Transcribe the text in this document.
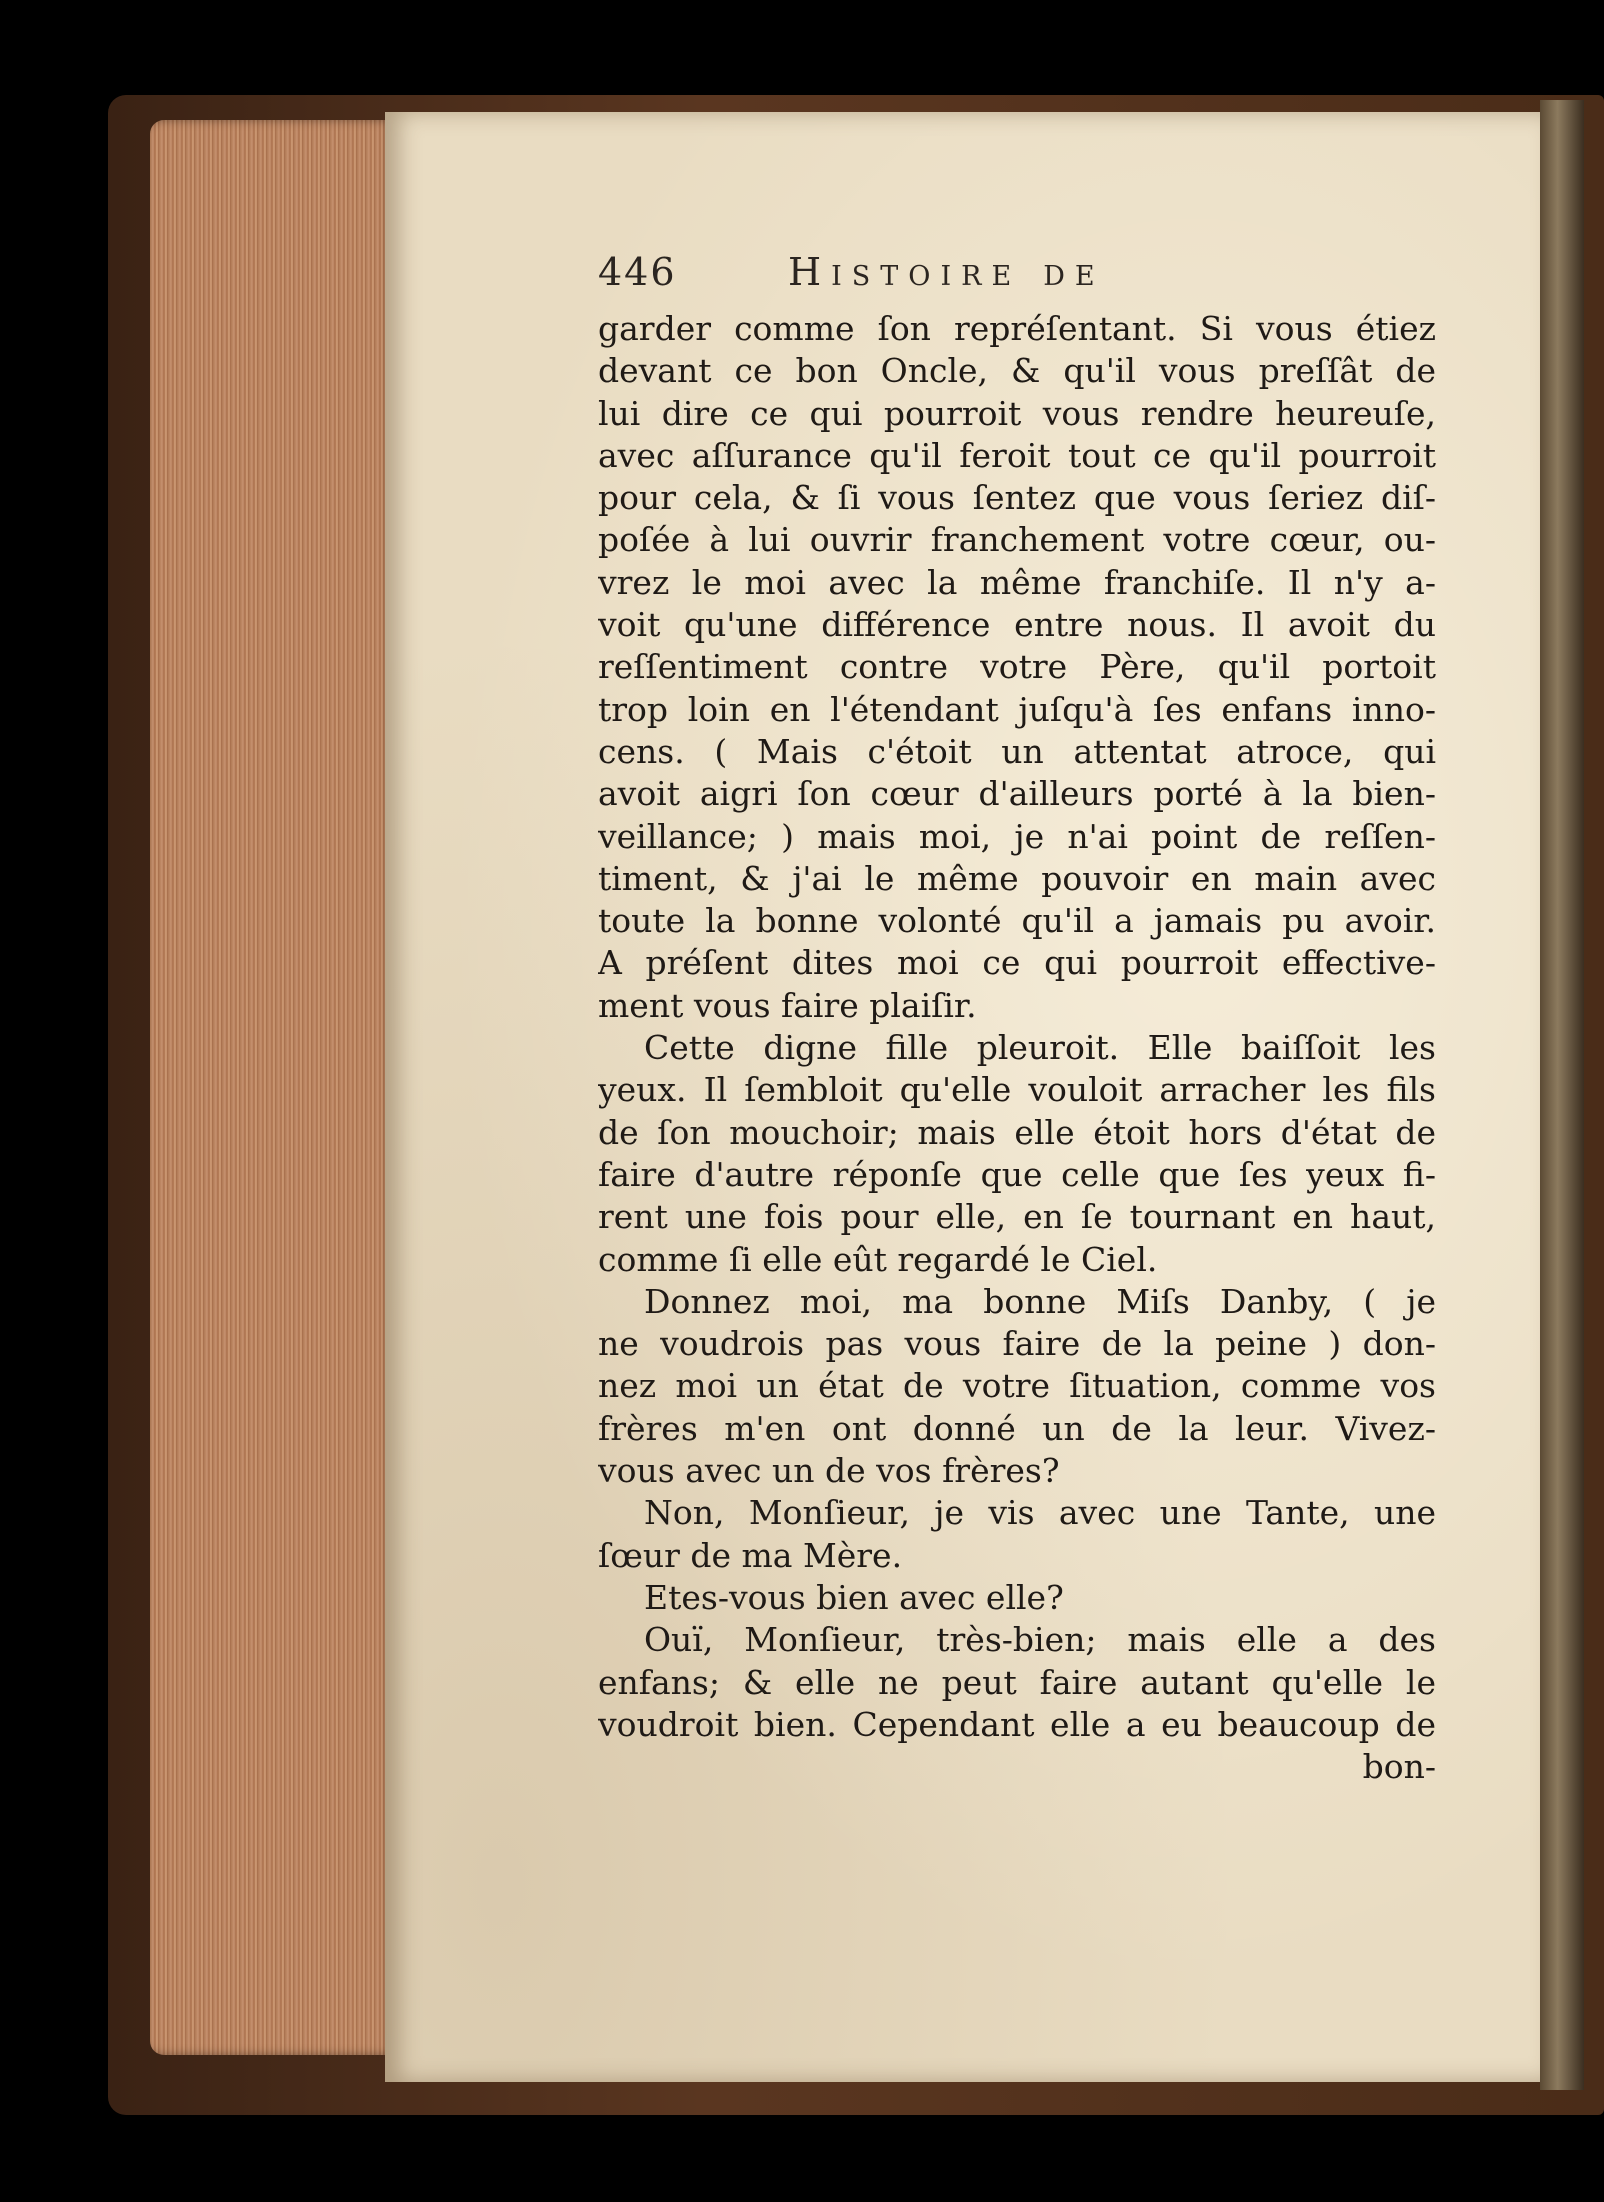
446	Histoire de
garder comme ſon repréſentant. Si vous étiez
devant ce bon Oncle, & qu'il vous preſſât de
lui dire ce qui pourroit vous rendre heureuſe,
avec aſſurance qu'il feroit tout ce qu'il pourroit
pour cela, & ſi vous ſentez que vous ſeriez diſ-
poſée à lui ouvrir franchement votre cœur, ou-
vrez le moi avec la même franchiſe. Il n'y a-
voit qu'une différence entre nous. Il avoit du
reſſentiment contre votre Père, qu'il portoit
trop loin en l'étendant juſqu'à ſes enfans inno-
cens. ( Mais c'étoit un attentat atroce, qui
avoit aigri ſon cœur d'ailleurs porté à la bien-
veillance; ) mais moi, je n'ai point de reſſen-
timent, & j'ai le même pouvoir en main avec
toute la bonne volonté qu'il a jamais pu avoir.
A préſent dites moi ce qui pourroit effectivе-
ment vous faire plaiſir.
Cette digne fille pleuroit. Elle baiſſoit les
yeux. Il ſembloit qu'elle vouloit arracher les fils
de ſon mouchoir; mais elle étoit hors d'état de
faire d'autre réponſe que celle que ſes yeux fi-
rent une fois pour elle, en ſe tournant en haut,
comme ſi elle eût regardé le Ciel.
Donnez moi, ma bonne Miſs Danby, ( je
ne voudrois pas vous faire de la peine ) don-
nez moi un état de votre ſituation, comme vos
frères m'en ont donné un de la leur. Vivez-
vous avec un de vos frères?
Non, Monſieur, je vis avec une Tante, une
ſœur de ma Mère.
Etes-vous bien avec elle?
Ouï, Monſieur, très-bien; mais elle a des
enfans; & elle ne peut faire autant qu'elle le
voudroit bien. Cependant elle a eu beaucoup de
bon-
